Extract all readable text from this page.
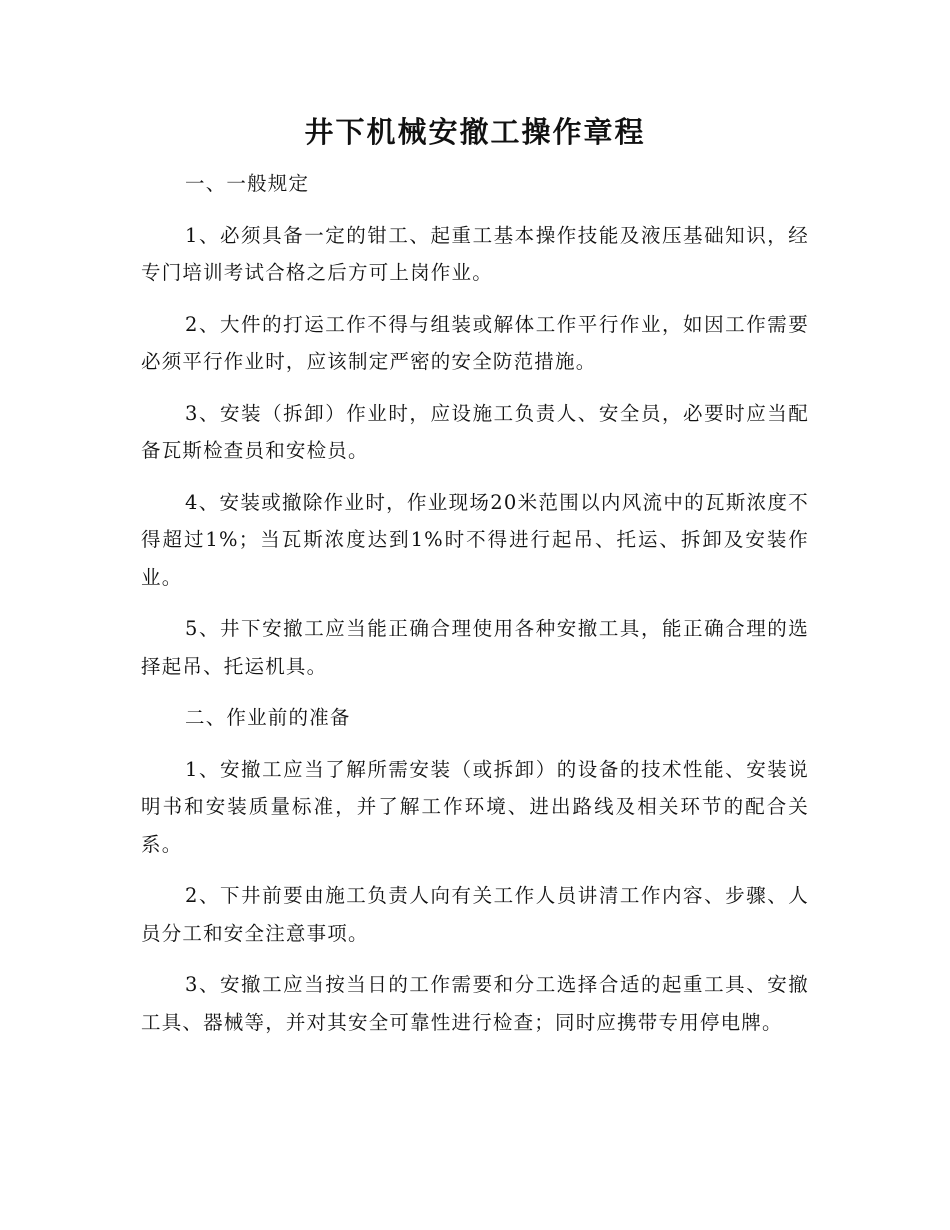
井下机械安撤工操作章程

一、一般规定

1、必须具备一定的钳工、起重工基本操作技能及液压基础知识，经专门培训考试合格之后方可上岗作业。

2、大件的打运工作不得与组装或解体工作平行作业，如因工作需要必须平行作业时，应该制定严密的安全防范措施。

3、安装（拆卸）作业时，应设施工负责人、安全员，必要时应当配备瓦斯检查员和安检员。

4、安装或撤除作业时，作业现场20米范围以内风流中的瓦斯浓度不得超过1%；当瓦斯浓度达到1%时不得进行起吊、托运、拆卸及安装作业。

5、井下安撤工应当能正确合理使用各种安撤工具，能正确合理的选择起吊、托运机具。

二、作业前的准备

1、安撤工应当了解所需安装（或拆卸）的设备的技术性能、安装说明书和安装质量标准，并了解工作环境、进出路线及相关环节的配合关系。

2、下井前要由施工负责人向有关工作人员讲清工作内容、步骤、人员分工和安全注意事项。

3、安撤工应当按当日的工作需要和分工选择合适的起重工具、安撤工具、器械等，并对其安全可靠性进行检查；同时应携带专用停电牌。
